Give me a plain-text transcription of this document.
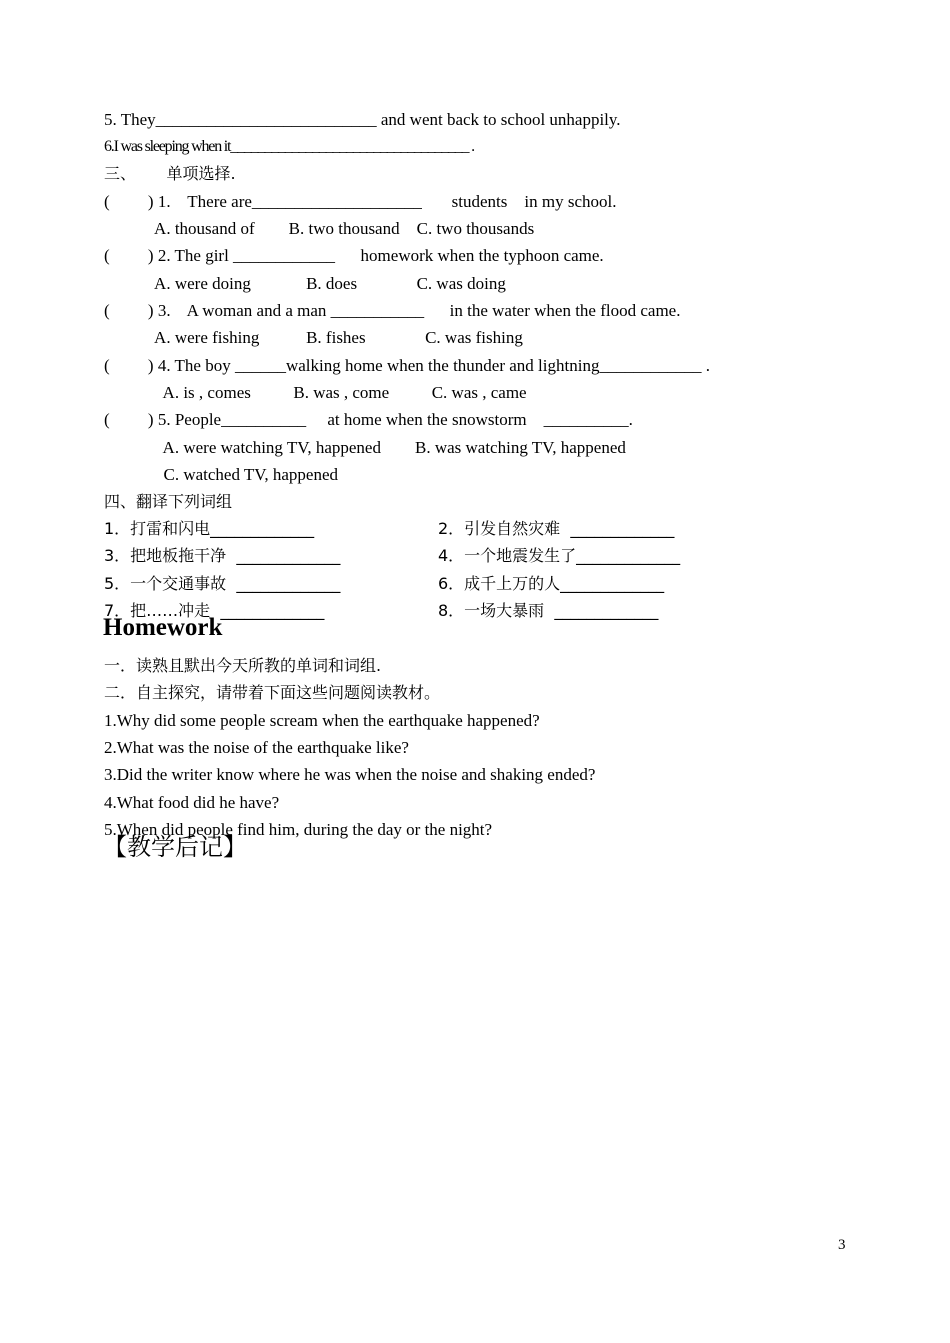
5. They__________________________ and went back to school unhappily.
6.I was sleeping when it___________________________________ .
三、      单项选择.
(         ) 1.    There are____________________       students    in my school.
A. thousand of        B. two thousand    C. two thousands
(         ) 2. The girl ____________      homework when the typhoon came.
A. were doing             B. does              C. was doing
(         ) 3.    A woman and a man ___________      in the water when the flood came.
A. were fishing           B. fishes              C. was fishing
(         ) 4. The boy ______walking home when the thunder and lightning____________ .
A. is , comes          B. was , come          C. was , came
(         ) 5. People__________     at home when the snowstorm    __________.
A. were watching TV, happened        B. was watching TV, happened
C. watched TV, happened
四、翻译下列词组
1．打雷和闪电_____________	2．引发自然灾难  _____________
3．把地板拖干净  _____________	4．一个地震发生了_____________
5．一个交通事故  _____________	6．成千上万的人_____________
7．把……冲走  _____________	8．一场大暴雨  _____________
Homework
一．读熟且默出今天所教的单词和词组.
二．自主探究，请带着下面这些问题阅读教材。
1.Why did some people scream when the earthquake happened?
2.What was the noise of the earthquake like?
3.Did the writer know where he was when the noise and shaking ended?
4.What food did he have?
5.When did people find him, during the day or the night?
【教学后记】
3
